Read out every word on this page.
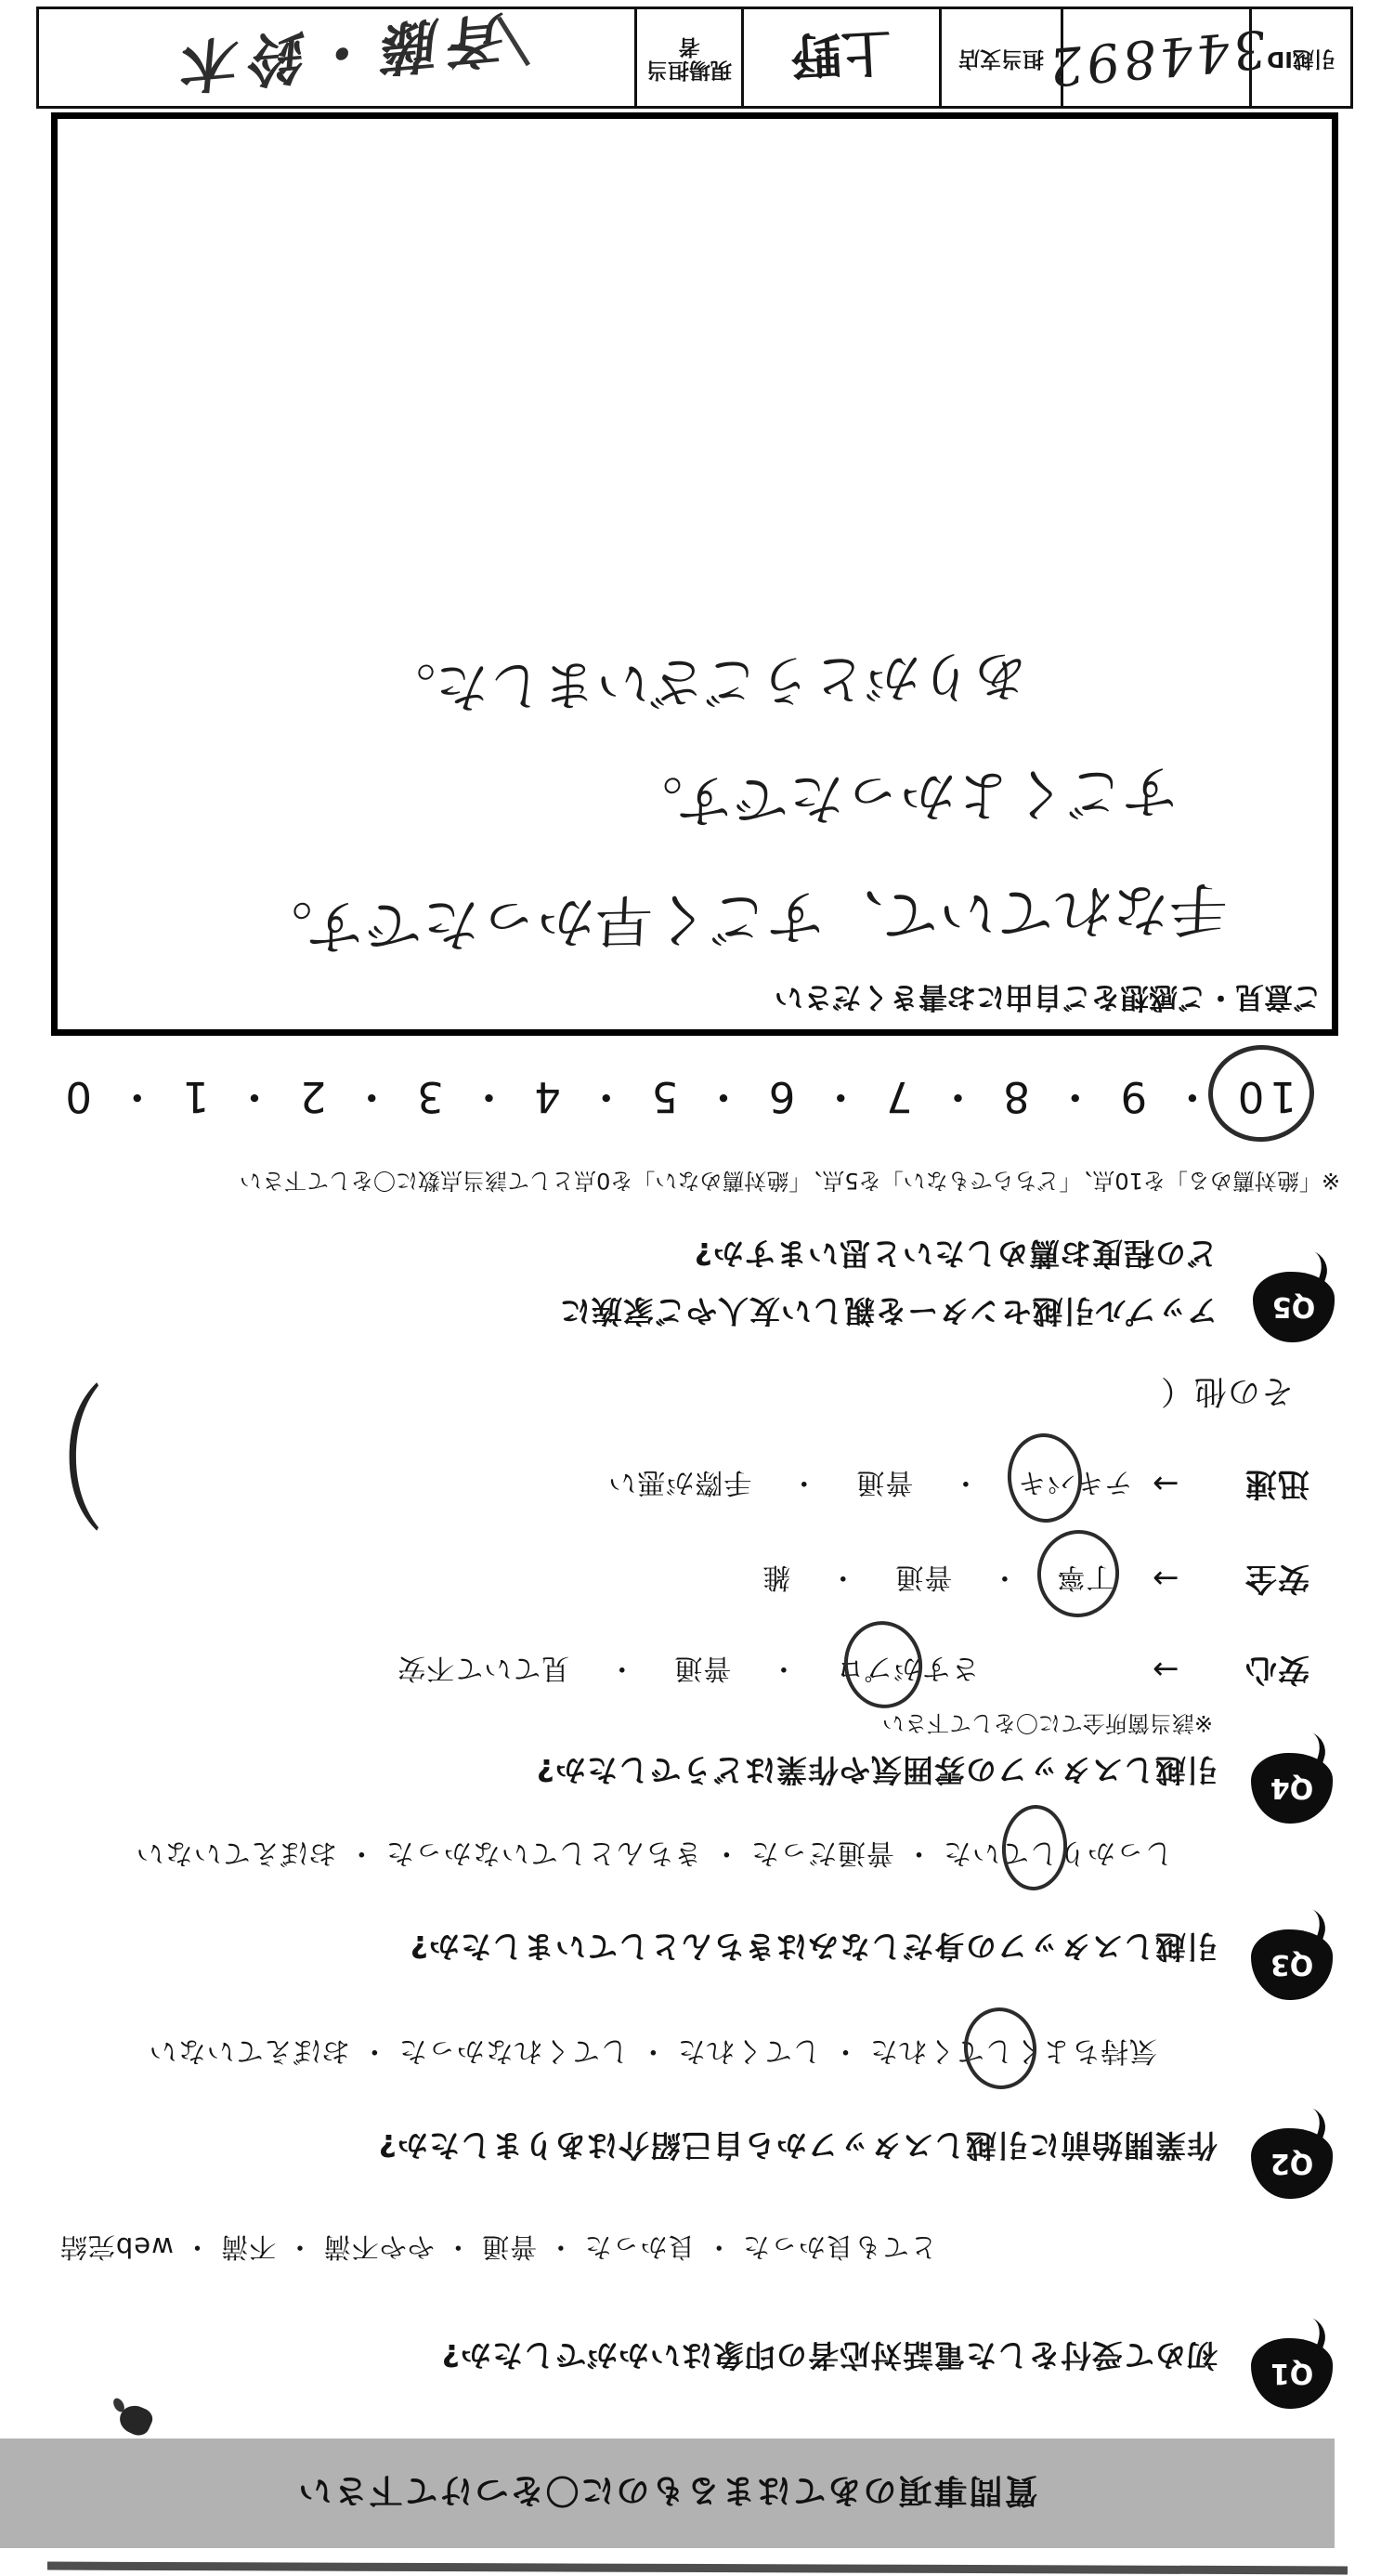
質問事項のあてはまるものに〇をつけて下さい
Q1
初めて受付をした電話対応者の印象はいかがでしたか?
とても良かった ・ 良かった ・ 普通 ・ やや不満 ・ 不満 ・ web完結
Q2
作業開始前に引越しスタッフから自己紹介はありましたか?
気持ちよくしてくれた ・ してくれた ・ してくれなかった ・ おぼえていない
Q3
引越しスタッフの身だしなみはきちんとしていましたか?
しっかりしていた ・ 普通だった ・ きちんとしていなかった ・ おぼえていない
Q4
引越しスタッフの雰囲気や作業はどうでしたか?
※該当箇所全てに〇をして下さい
安心 → さすがプロ ・ 普通 ・ 見ていて不安
安全 → 丁寧 ・ 普通 ・ 雑
迅速 → テキパキ ・ 普通 ・ 手際が悪い
その他（
）
Q5
アップル引越センターを親しい友人やご家族に
どの程度お薦めしたいと思いますか?
※「絶対薦める」を10点、「どちらでもない」を5点、「絶対薦めない」を0点として該当点数に〇をして下さい
10 ・ 9 ・ 8 ・ 7 ・ 6 ・ 5 ・ 4 ・ 3 ・ 2 ・ 1 ・ 0
ご意見・ご感想をご自由にお書きください
手なれていて、すごく早かったです。
すごくよかったです。
ありがとうございました。
引越ID
344892
担当支店
上野
現場担当者
斉藤・鈴木
